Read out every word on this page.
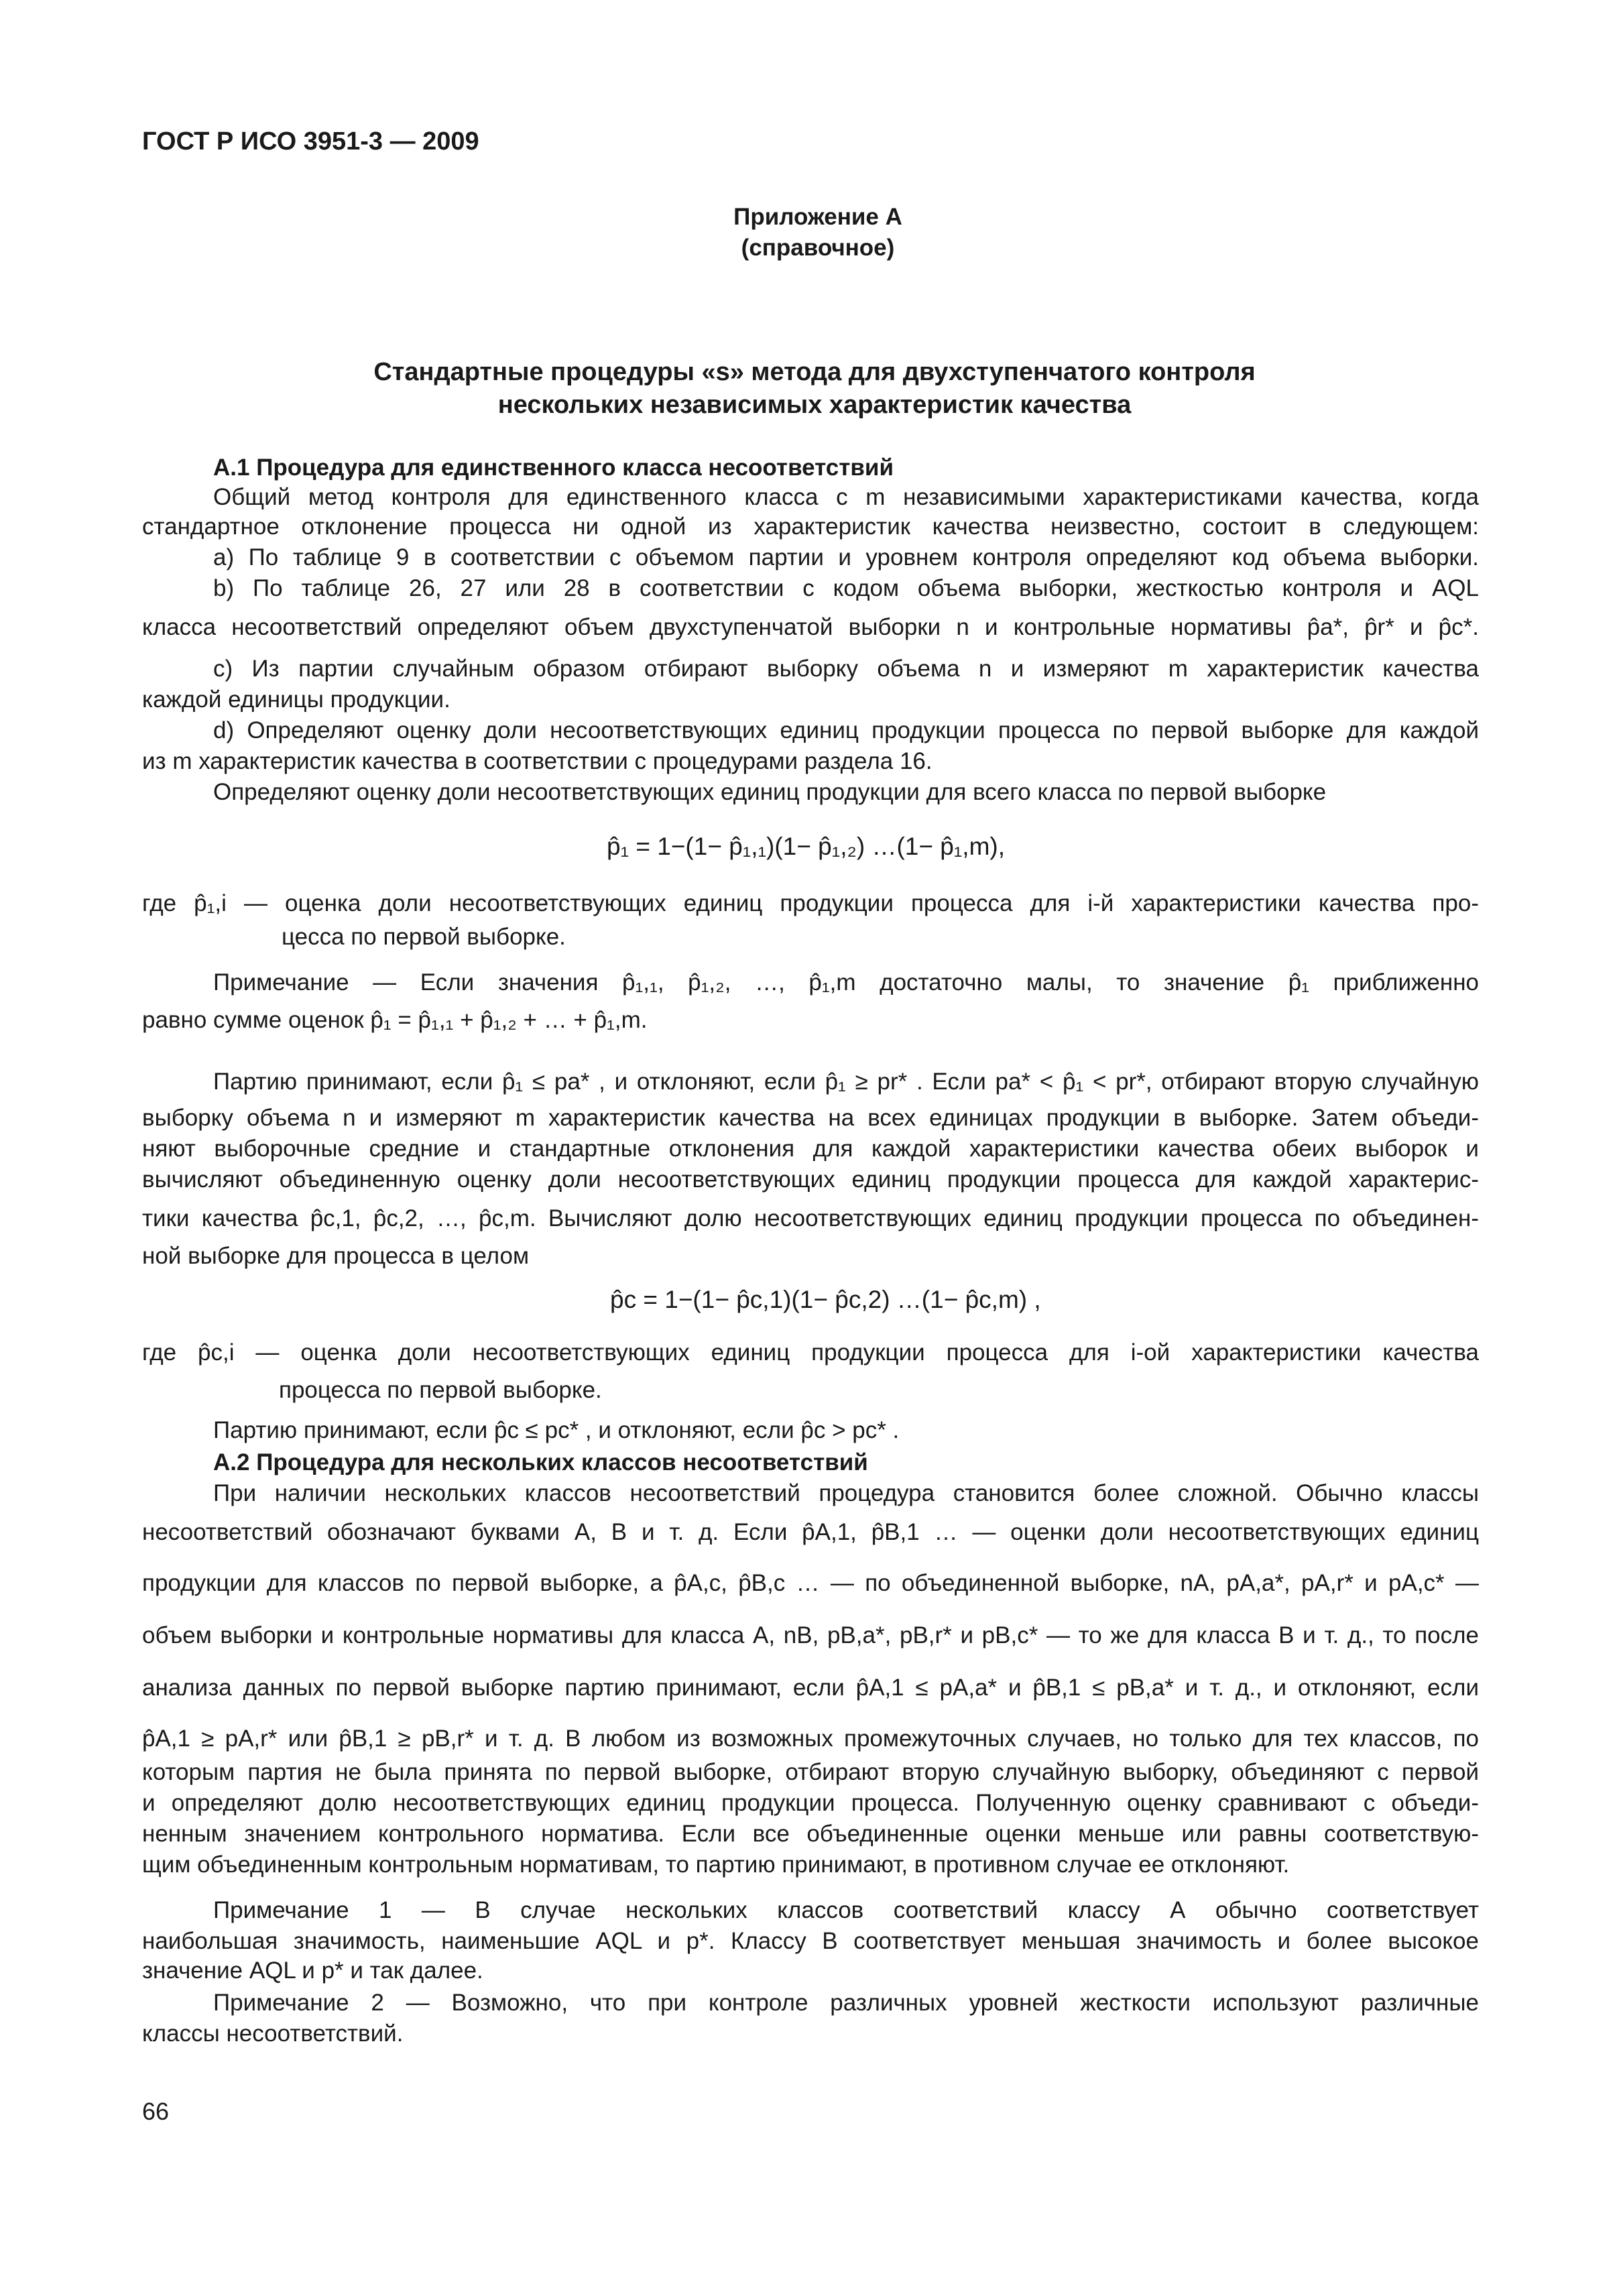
ГОСТ Р ИСО 3951-3 — 2009
Приложение А
(справочное)
Стандартные процедуры «s» метода для двухступенчатого контроля
нескольких независимых характеристик качества
А.1 Процедура для единственного класса несоответствий
Общий метод контроля для единственного класса с m независимыми характеристиками качества, когда
стандартное отклонение процесса ни одной из характеристик качества неизвестно, состоит в следующем:
a) По таблице 9 в соответствии с объемом партии и уровнем контроля определяют код объема выборки.
b) По таблице 26, 27 или 28 в соответствии с кодом объема выборки, жесткостью контроля и AQL
класса несоответствий определяют объем двухступенчатой выборки n и контрольные нормативы p̂a*, p̂r* и p̂c*.
c) Из партии случайным образом отбирают выборку объема n и измеряют m характеристик качества
каждой единицы продукции.
d) Определяют оценку доли несоответствующих единиц продукции процесса по первой выборке для каждой
из m характеристик качества в соответствии с процедурами раздела 16.
Определяют оценку доли несоответствующих единиц продукции для всего класса по первой выборке
p̂₁ = 1−(1− p̂₁,₁)(1− p̂₁,₂) …(1− p̂₁,m),
где p̂₁,i — оценка доли несоответствующих единиц продукции процесса для i-й характеристики качества про-
цесса по первой выборке.
Примечание — Если значения p̂₁,₁, p̂₁,₂, …, p̂₁,m достаточно малы, то значение p̂₁ приближенно
равно сумме оценок p̂₁ = p̂₁,₁ + p̂₁,₂ + … + p̂₁,m.
Партию принимают, если p̂₁ ≤ pa* , и отклоняют, если p̂₁ ≥ pr* . Если pa* < p̂₁ < pr*, отбирают вторую случайную
выборку объема n и измеряют m характеристик качества на всех единицах продукции в выборке. Затем объеди-
няют выборочные средние и стандартные отклонения для каждой характеристики качества обеих выборок и
вычисляют объединенную оценку доли несоответствующих единиц продукции процесса для каждой характерис-
тики качества p̂c,1, p̂c,2, …, p̂c,m. Вычисляют долю несоответствующих единиц продукции процесса по объединен-
ной выборке для процесса в целом
p̂c = 1−(1− p̂c,1)(1− p̂c,2) …(1− p̂c,m) ,
где p̂c,i — оценка доли несоответствующих единиц продукции процесса для i-ой характеристики качества
процесса по первой выборке.
Партию принимают, если p̂c ≤ pc* , и отклоняют, если p̂c > pc* .
А.2 Процедура для нескольких классов несоответствий
При наличии нескольких классов несоответствий процедура становится более сложной. Обычно классы
несоответствий обозначают буквами А, В и т. д. Если p̂А,1, p̂В,1 … — оценки доли несоответствующих единиц
продукции для классов по первой выборке, а p̂А,c, p̂В,c … — по объединенной выборке, nА, pА,a*, pА,r* и pА,c* —
объем выборки и контрольные нормативы для класса А, nВ, pВ,a*, pВ,r* и pВ,c* — то же для класса В и т. д., то после
анализа данных по первой выборке партию принимают, если p̂А,1 ≤ pА,a* и p̂В,1 ≤ pВ,a* и т. д., и отклоняют, если
p̂А,1 ≥ pА,r* или p̂В,1 ≥ pВ,r* и т. д. В любом из возможных промежуточных случаев, но только для тех классов, по
которым партия не была принята по первой выборке, отбирают вторую случайную выборку, объединяют с первой
и определяют долю несоответствующих единиц продукции процесса. Полученную оценку сравнивают с объеди-
ненным значением контрольного норматива. Если все объединенные оценки меньше или равны соответствую-
щим объединенным контрольным нормативам, то партию принимают, в противном случае ее отклоняют.
Примечание 1 — В случае нескольких классов соответствий классу А обычно соответствует
наибольшая значимость, наименьшие AQL и p*. Классу В соответствует меньшая значимость и более высокое
значение AQL и p* и так далее.
Примечание 2 — Возможно, что при контроле различных уровней жесткости используют различные
классы несоответствий.
66
